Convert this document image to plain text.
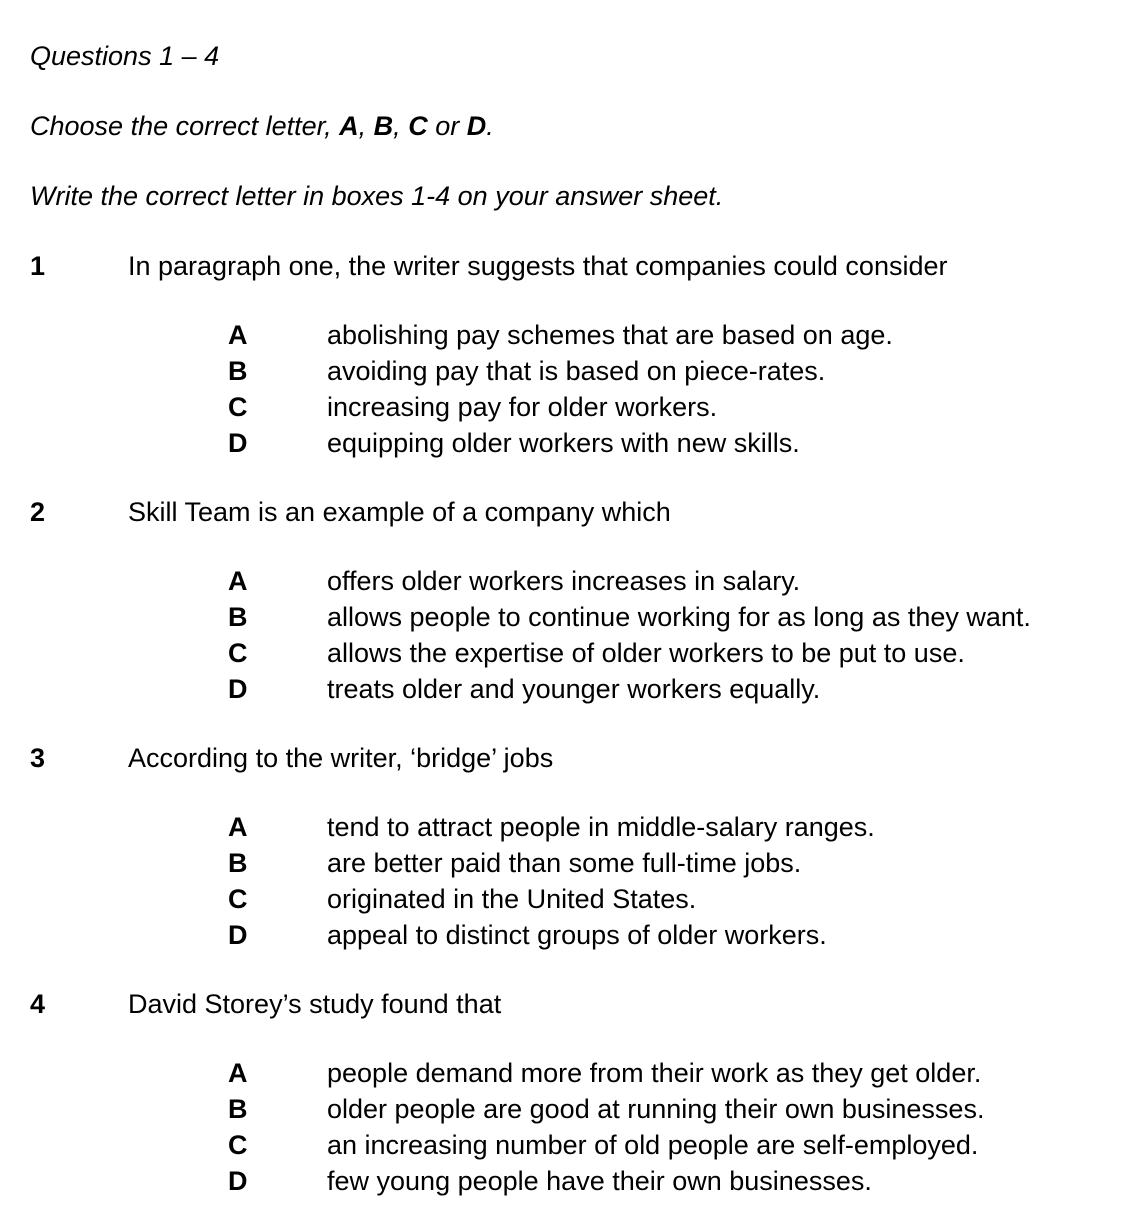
Questions 1 – 4

Choose the correct letter, A, B, C or D.

Write the correct letter in boxes 1-4 on your answer sheet.

1	In paragraph one, the writer suggests that companies could consider
A	abolishing pay schemes that are based on age.
B	avoiding pay that is based on piece-rates.
C	increasing pay for older workers.
D	equipping older workers with new skills.
2	Skill Team is an example of a company which
A	offers older workers increases in salary.
B	allows people to continue working for as long as they want.
C	allows the expertise of older workers to be put to use.
D	treats older and younger workers equally.
3	According to the writer, ‘bridge’ jobs
A	tend to attract people in middle-salary ranges.
B	are better paid than some full-time jobs.
C	originated in the United States.
D	appeal to distinct groups of older workers.
4	David Storey’s study found that
A	people demand more from their work as they get older.
B	older people are good at running their own businesses.
C	an increasing number of old people are self-employed.
D	few young people have their own businesses.
